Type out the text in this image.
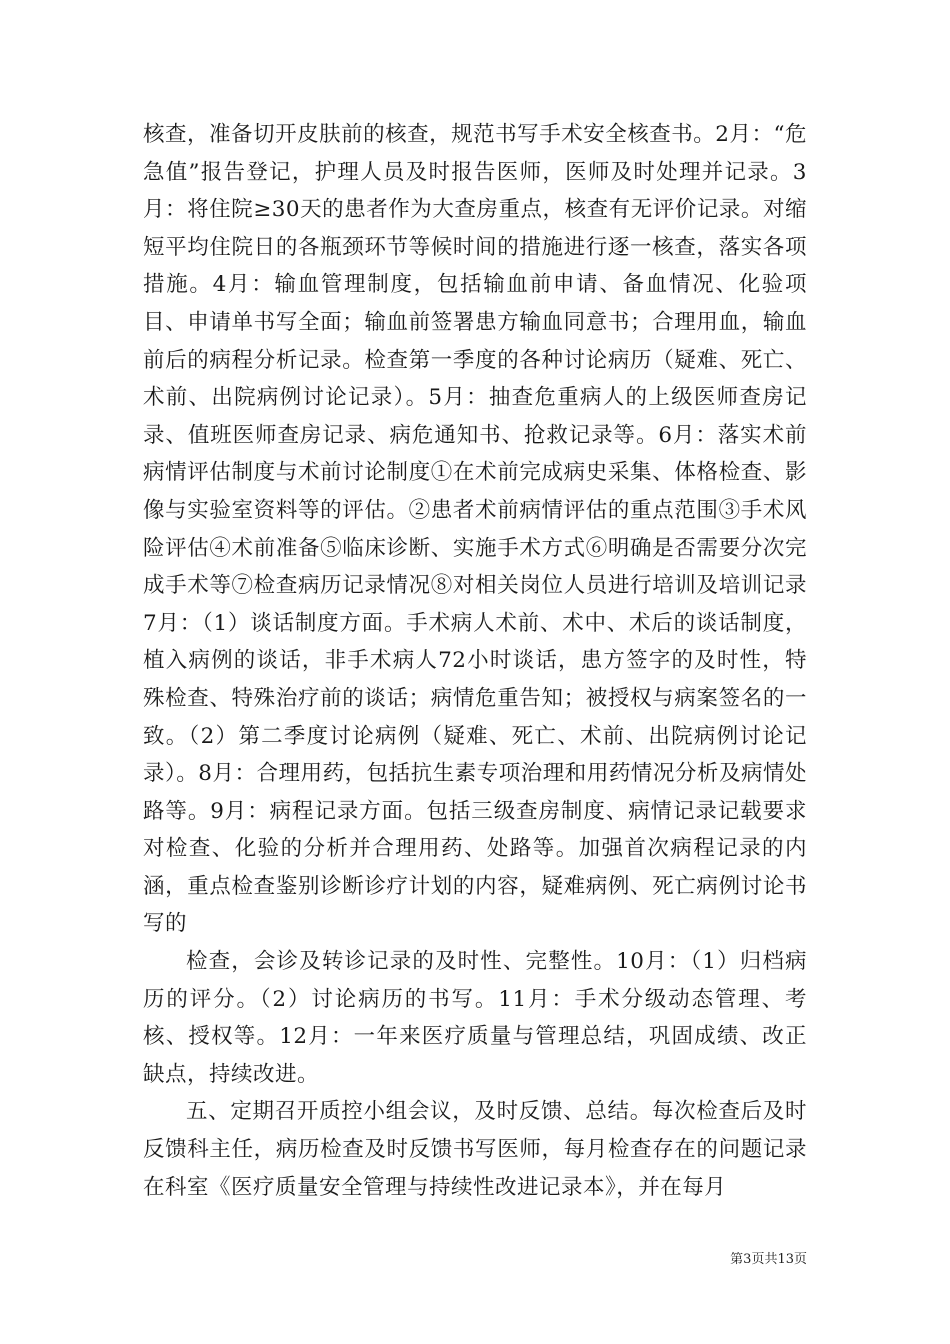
核查，准备切开皮肤前的核查，规范书写手术安全核查书。2月：“危急值”报告登记，护理人员及时报告医师，医师及时处理并记录。3月：将住院≥30天的患者作为大查房重点，核查有无评价记录。对缩短平均住院日的各瓶颈环节等候时间的措施进行逐一核查，落实各项措施。4月：输血管理制度，包括输血前申请、备血情况、化验项目、申请单书写全面；输血前签署患方输血同意书；合理用血，输血前后的病程分析记录。检查第一季度的各种讨论病历（疑难、死亡、术前、出院病例讨论记录）。5月：抽查危重病人的上级医师查房记录、值班医师查房记录、病危通知书、抢救记录等。6月：落实术前病情评估制度与术前讨论制度①在术前完成病史采集、体格检查、影像与实验室资料等的评估。②患者术前病情评估的重点范围③手术风险评估④术前准备⑤临床诊断、实施手术方式⑥明确是否需要分次完成手术等⑦检查病历记录情况⑧对相关岗位人员进行培训及培训记录7月：（1）谈话制度方面。手术病人术前、术中、术后的谈话制度，植入病例的谈话，非手术病人72小时谈话，患方签字的及时性，特殊检查、特殊治疗前的谈话；病情危重告知；被授权与病案签名的一致。（2）第二季度讨论病例（疑难、死亡、术前、出院病例讨论记录）。8月：合理用药，包括抗生素专项治理和用药情况分析及病情处路等。9月：病程记录方面。包括三级查房制度、病情记录记载要求对检查、化验的分析并合理用药、处路等。加强首次病程记录的内涵，重点检查鉴别诊断诊疗计划的内容，疑难病例、死亡病例讨论书写的

检查，会诊及转诊记录的及时性、完整性。10月：（1）归档病历的评分。（2）讨论病历的书写。11月：手术分级动态管理、考核、授权等。12月：一年来医疗质量与管理总结，巩固成绩、改正缺点，持续改进。

五、定期召开质控小组会议，及时反馈、总结。每次检查后及时反馈科主任，病历检查及时反馈书写医师，每月检查存在的问题记录在科室《医疗质量安全管理与持续性改进记录本》，并在每月

第3页共13页
